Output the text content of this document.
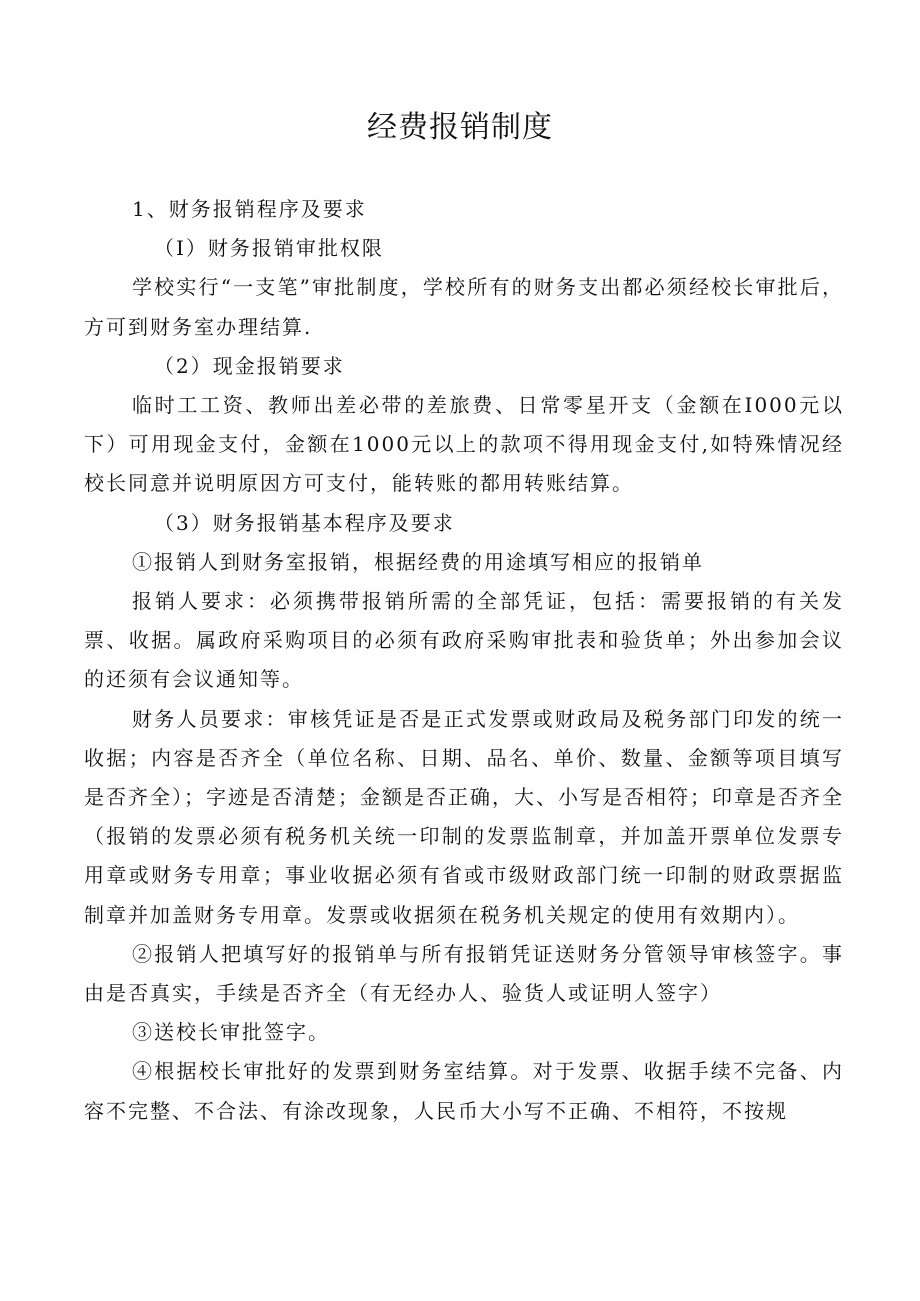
经费报销制度

1、财务报销程序及要求

（I）财务报销审批权限

学校实行“一支笔”审批制度，学校所有的财务支出都必须经校长审批后，方可到财务室办理结算.

（2）现金报销要求

临时工工资、教师出差必带的差旅费、日常零星开支（金额在I000元以下）可用现金支付，金额在1000元以上的款项不得用现金支付,如特殊情况经校长同意并说明原因方可支付，能转账的都用转账结算。

（3）财务报销基本程序及要求

①报销人到财务室报销，根据经费的用途填写相应的报销单

报销人要求：必须携带报销所需的全部凭证，包括：需要报销的有关发票、收据。属政府采购项目的必须有政府采购审批表和验货单；外出参加会议的还须有会议通知等。

财务人员要求：审核凭证是否是正式发票或财政局及税务部门印发的统一收据；内容是否齐全（单位名称、日期、品名、单价、数量、金额等项目填写是否齐全）；字迹是否清楚；金额是否正确，大、小写是否相符；印章是否齐全（报销的发票必须有税务机关统一印制的发票监制章，并加盖开票单位发票专用章或财务专用章；事业收据必须有省或市级财政部门统一印制的财政票据监制章并加盖财务专用章。发票或收据须在税务机关规定的使用有效期内）。

②报销人把填写好的报销单与所有报销凭证送财务分管领导审核签字。事由是否真实，手续是否齐全（有无经办人、验货人或证明人签字）

③送校长审批签字。

④根据校长审批好的发票到财务室结算。对于发票、收据手续不完备、内容不完整、不合法、有涂改现象，人民币大小写不正确、不相符，不按规
